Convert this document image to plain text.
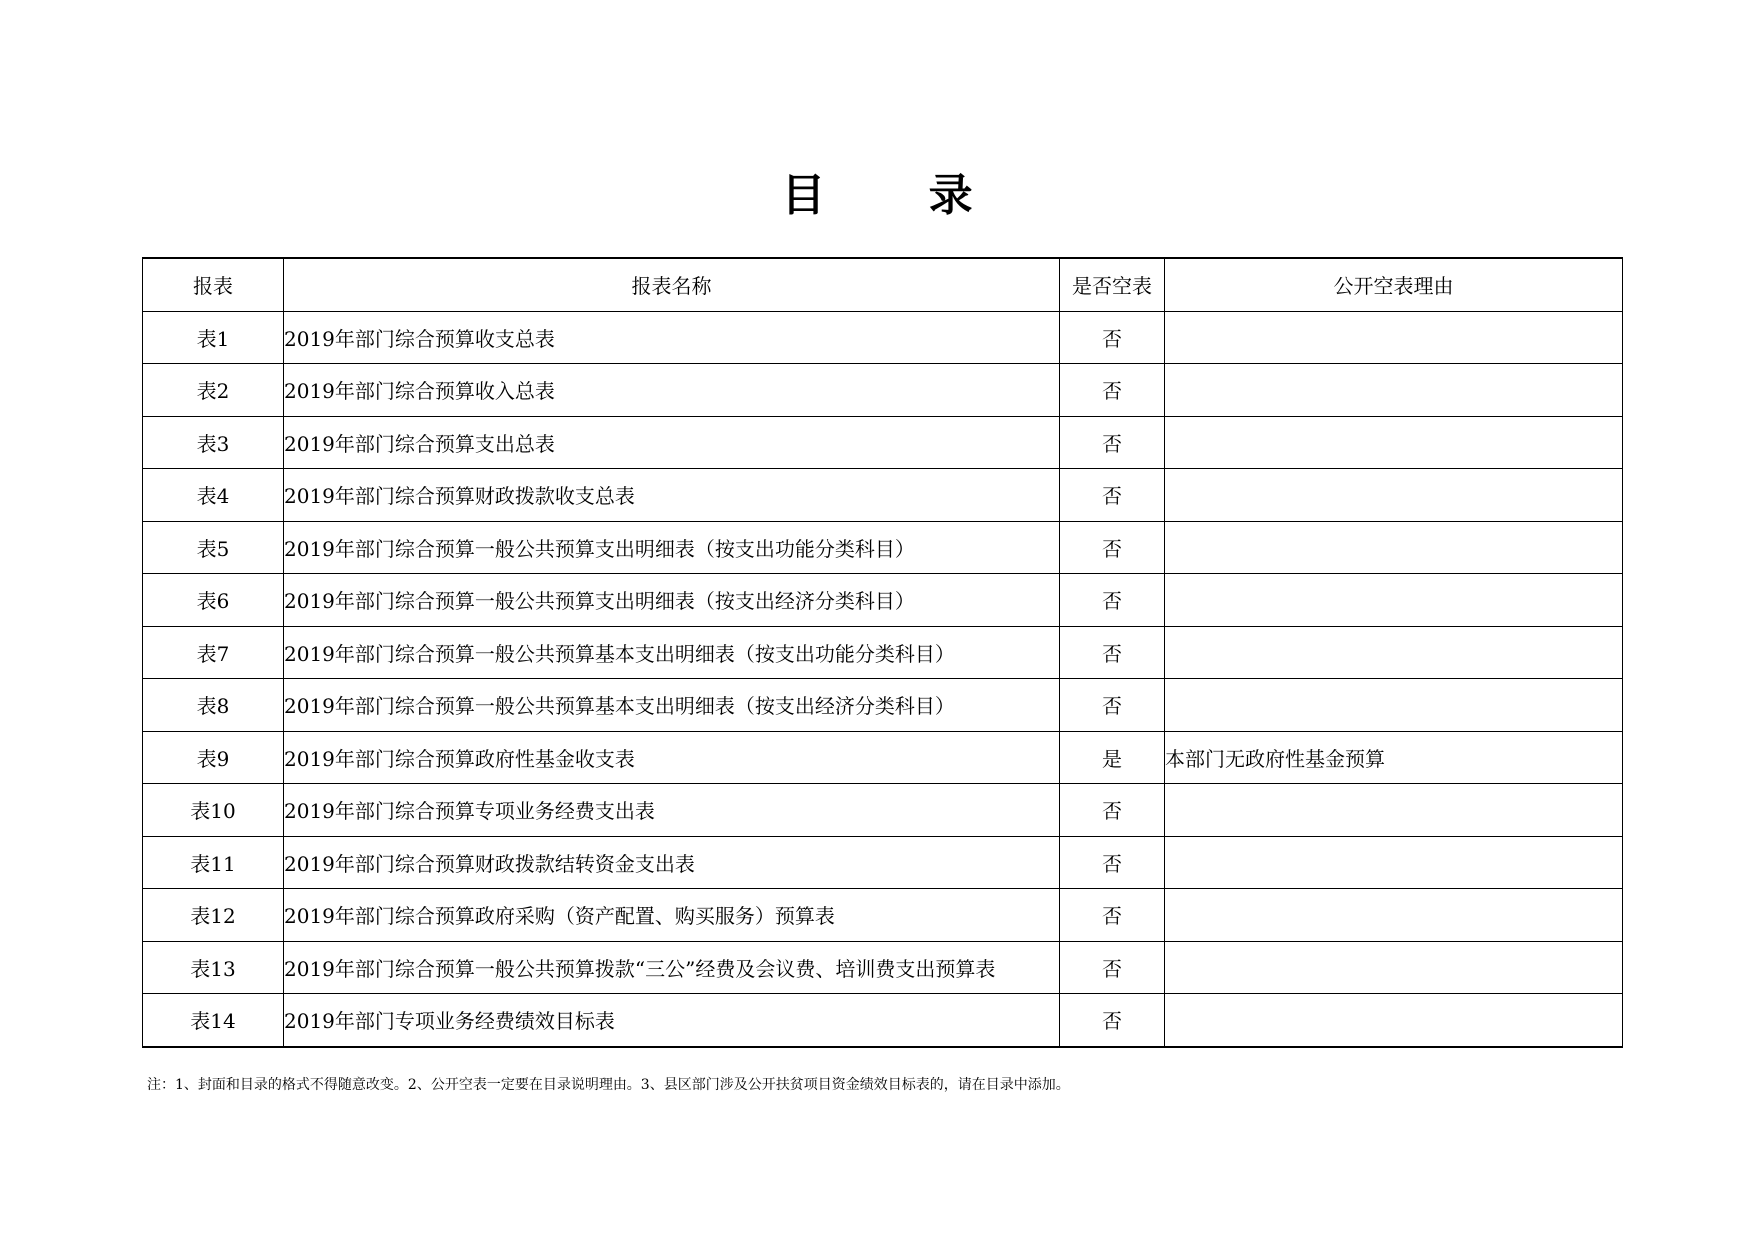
目 录
报表	报表名称	是否空表	公开空表理由
表1	2019年部门综合预算收支总表	否	
表2	2019年部门综合预算收入总表	否	
表3	2019年部门综合预算支出总表	否	
表4	2019年部门综合预算财政拨款收支总表	否	
表5	2019年部门综合预算一般公共预算支出明细表（按支出功能分类科目）	否	
表6	2019年部门综合预算一般公共预算支出明细表（按支出经济分类科目）	否	
表7	2019年部门综合预算一般公共预算基本支出明细表（按支出功能分类科目）	否	
表8	2019年部门综合预算一般公共预算基本支出明细表（按支出经济分类科目）	否	
表9	2019年部门综合预算政府性基金收支表	是	本部门无政府性基金预算
表10	2019年部门综合预算专项业务经费支出表	否	
表11	2019年部门综合预算财政拨款结转资金支出表	否	
表12	2019年部门综合预算政府采购（资产配置、购买服务）预算表	否	
表13	2019年部门综合预算一般公共预算拨款“三公”经费及会议费、培训费支出预算表	否	
表14	2019年部门专项业务经费绩效目标表	否	
注：1、封面和目录的格式不得随意改变。2、公开空表一定要在目录说明理由。3、县区部门涉及公开扶贫项目资金绩效目标表的，请在目录中添加。
